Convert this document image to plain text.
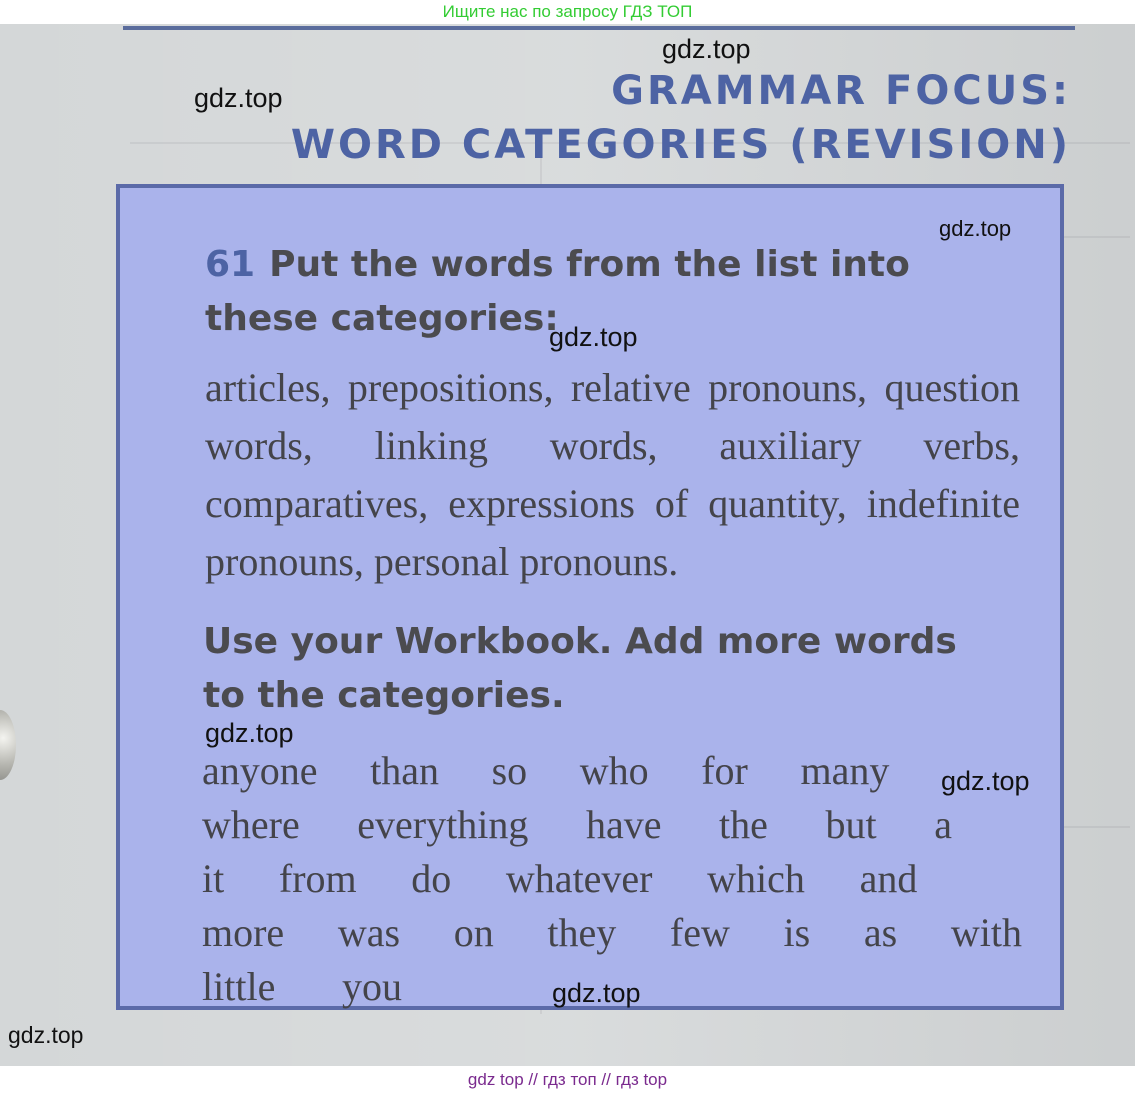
Ищите нас по запросу ГДЗ ТОП
GRAMMAR FOCUS:
WORD CATEGORIES (REVISION)
61 Put the words from the list into these categories:
articles, prepositions, relative pronouns, question words, linking words, auxiliary verbs, comparatives, expressions of quantity, indefinite pronouns, personal pronouns.
Use your Workbook. Add more words to the categories.
anyone than so who for many
where everything have the but a
it from do whatever which and
more was on they few is as with
little you
gdz.top
gdz.top
gdz.top
gdz.top
gdz.top
gdz.top
gdz.top
gdz.top
gdz top // гдз топ // гдз top
